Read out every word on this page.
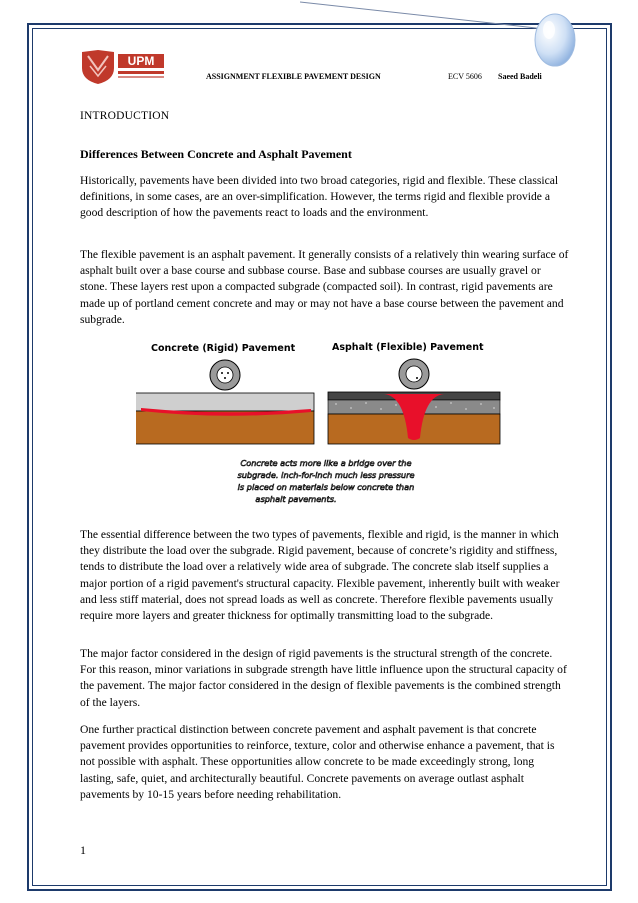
UPM
ASSIGNMENT FLEXIBLE PAVEMENT DESIGN	ECV 5606 Saeed Badeli
INTRODUCTION
Differences Between Concrete and Asphalt Pavement

Historically, pavements have been divided into two broad categories, rigid and flexible. These classical definitions, in some cases, are an over-simplification. However, the terms rigid and flexible provide a good description of how the pavements react to loads and the environment.

The flexible pavement is an asphalt pavement. It generally consists of a relatively thin wearing surface of asphalt built over a base course and subbase course. Base and subbase courses are usually gravel or stone. These layers rest upon a compacted subgrade (compacted soil). In contrast, rigid pavements are made up of portland cement concrete and may or may not have a base course between the pavement and subgrade.

Concrete (Rigid) Pavement	Asphalt (Flexible) Pavement
Concrete acts more like a bridge over the
subgrade. Inch-for-inch much less pressure
is placed on materials below concrete than
asphalt pavements.

The essential difference between the two types of pavements, flexible and rigid, is the manner in which they distribute the load over the subgrade. Rigid pavement, because of concrete’s rigidity and stiffness, tends to distribute the load over a relatively wide area of subgrade. The concrete slab itself supplies a major portion of a rigid pavement's structural capacity. Flexible pavement, inherently built with weaker and less stiff material, does not spread loads as well as concrete. Therefore flexible pavements usually require more layers and greater thickness for optimally transmitting load to the subgrade.

The major factor considered in the design of rigid pavements is the structural strength of the concrete. For this reason, minor variations in subgrade strength have little influence upon the structural capacity of the pavement. The major factor considered in the design of flexible pavements is the combined strength of the layers.

One further practical distinction between concrete pavement and asphalt pavement is that concrete pavement provides opportunities to reinforce, texture, color and otherwise enhance a pavement, that is not possible with asphalt. These opportunities allow concrete to be made exceedingly strong, long lasting, safe, quiet, and architecturally beautiful. Concrete pavements on average outlast asphalt pavements by 10-15 years before needing rehabilitation.

1
